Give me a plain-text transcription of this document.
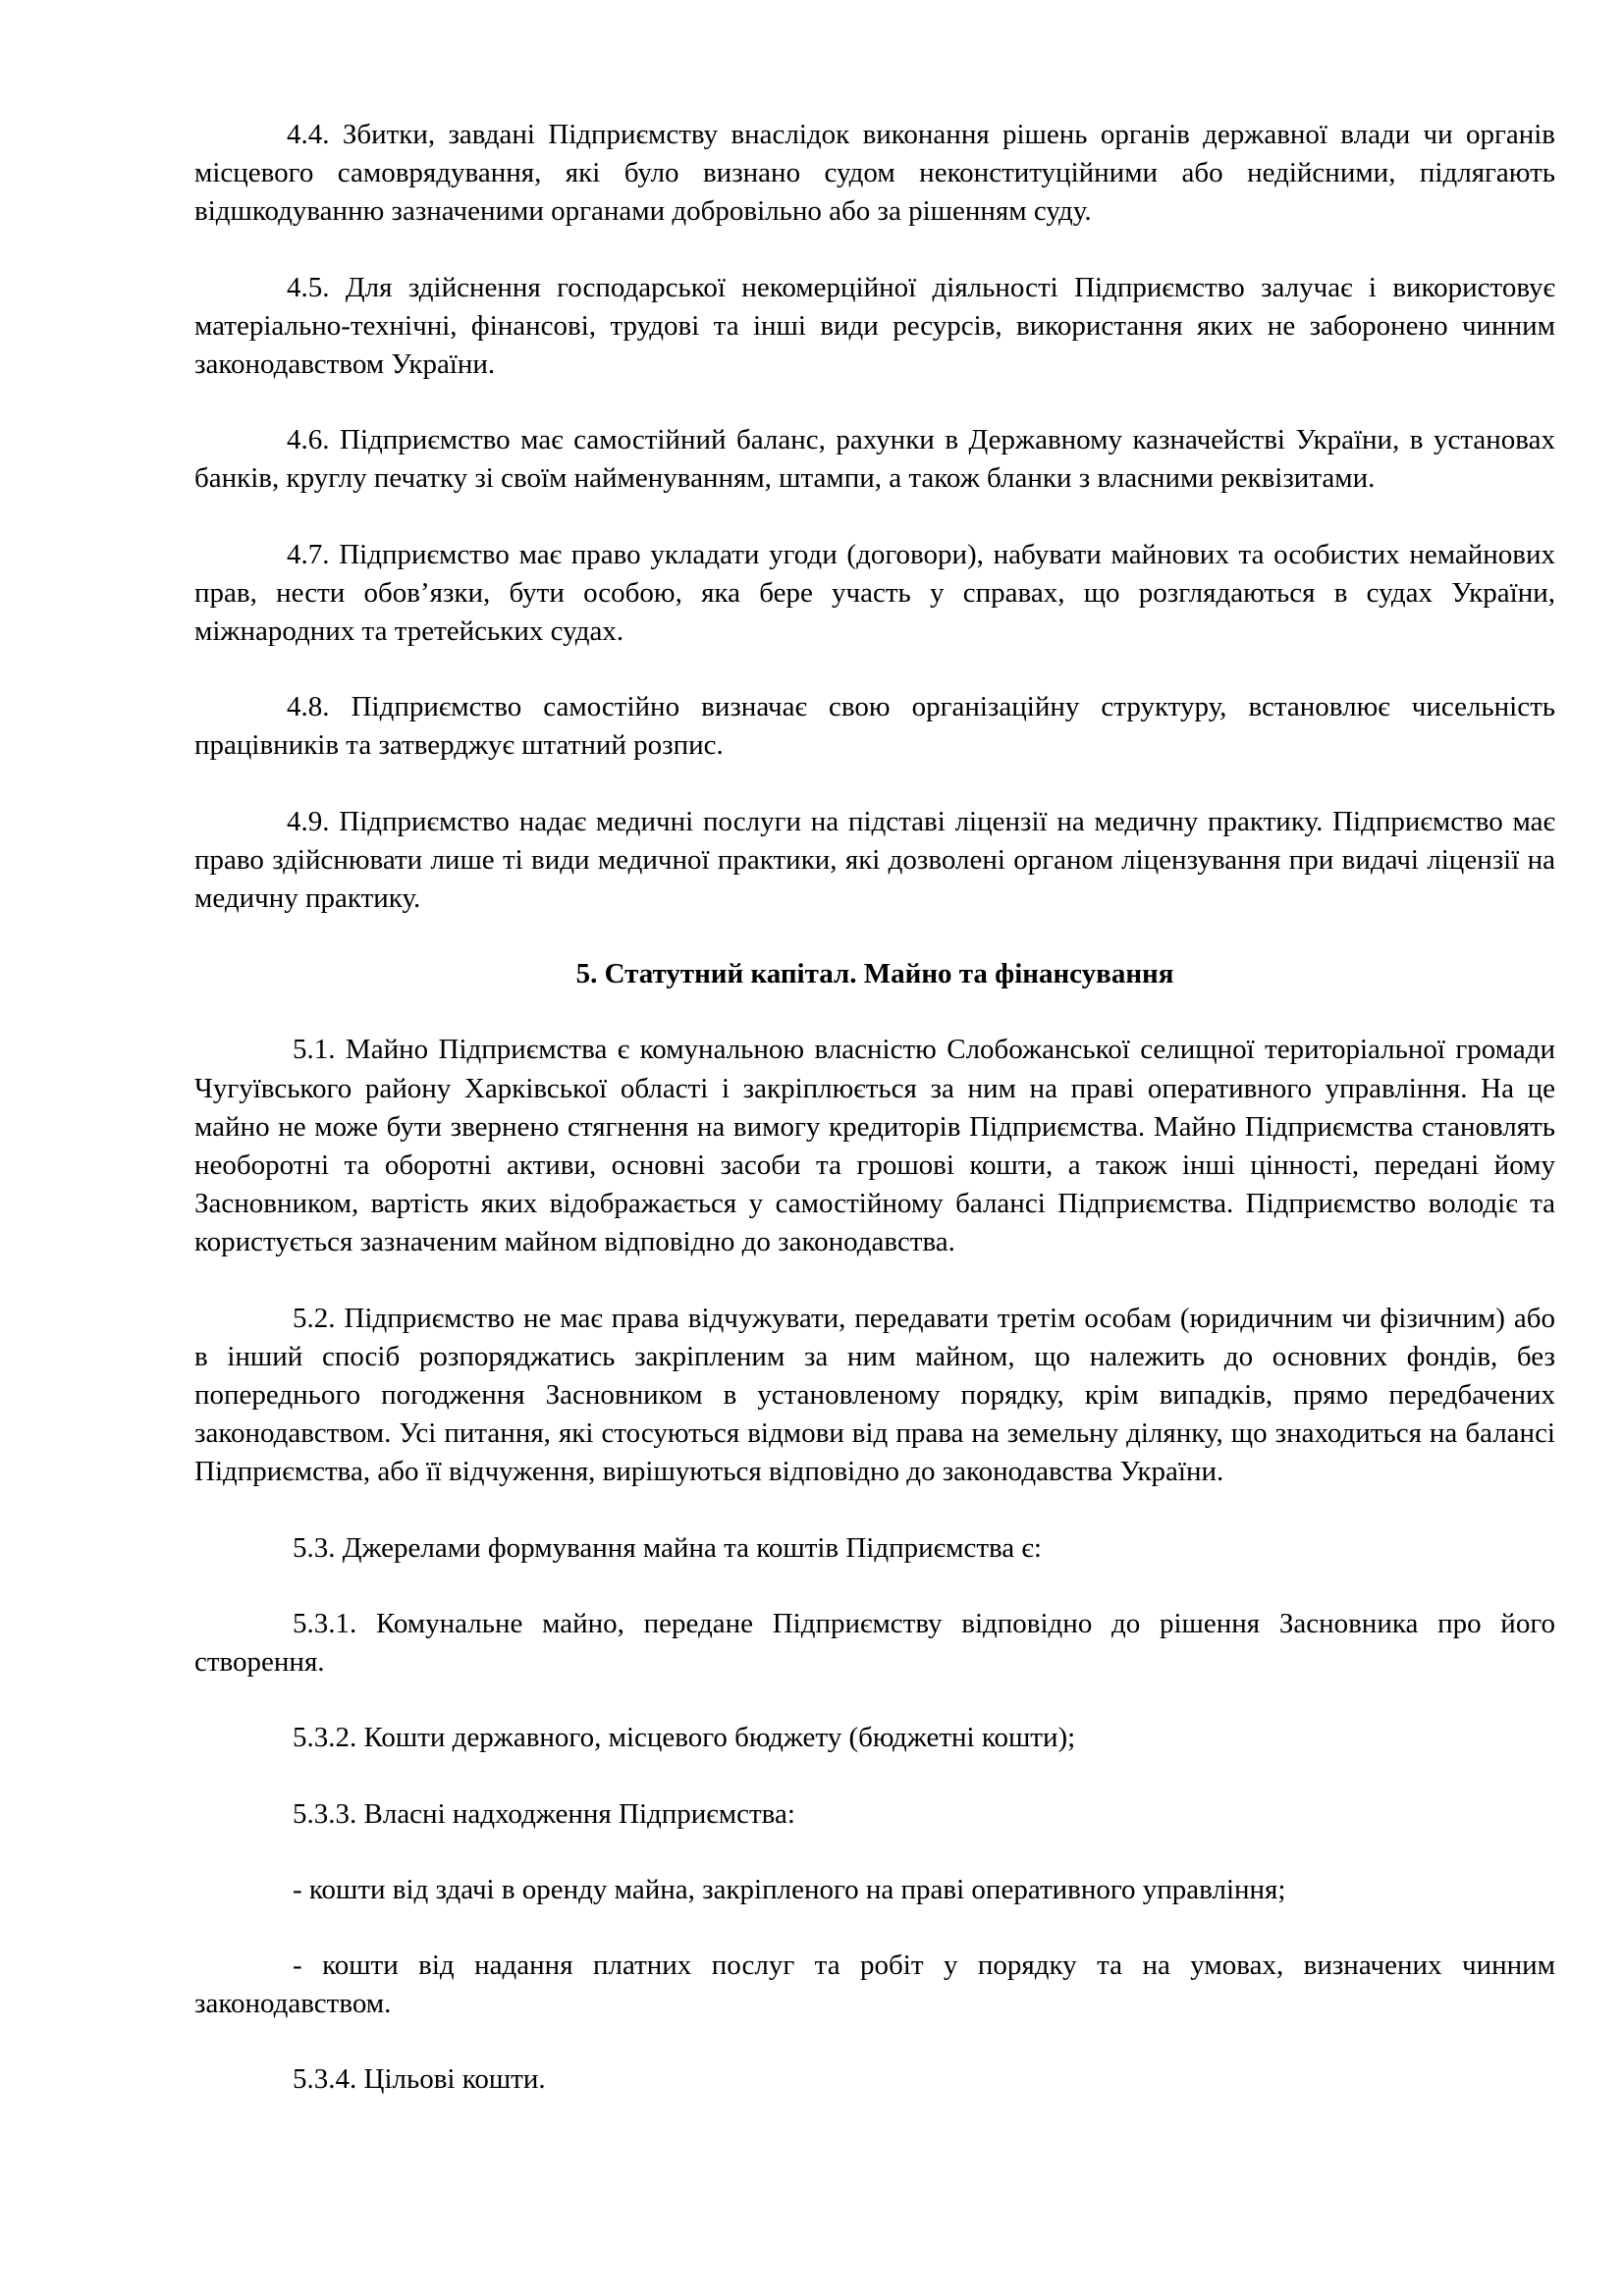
4.4. Збитки, завдані Підприємству внаслідок виконання рішень органів державної влади чи органів місцевого самоврядування, які було визнано судом неконституційними або недійсними, підлягають відшкодуванню зазначеними органами добровільно або за рішенням суду.

4.5. Для здійснення господарської некомерційної діяльності Підприємство залучає і використовує матеріально-технічні, фінансові, трудові та інші види ресурсів, використання яких не заборонено чинним законодавством України.

4.6. Підприємство має самостійний баланс, рахунки в Державному казначействі України, в установах банків, круглу печатку зі своїм найменуванням, штампи, а також бланки з власними реквізитами.

4.7. Підприємство має право укладати угоди (договори), набувати майнових та особистих немайнових прав, нести обов’язки, бути особою, яка бере участь у справах, що розглядаються в судах України, міжнародних та третейських судах.

4.8. Підприємство самостійно визначає свою організаційну структуру, встановлює чисельність працівників та затверджує штатний розпис.

4.9. Підприємство надає медичні послуги на підставі ліцензії на медичну практику. Підприємство має право здійснювати лише ті види медичної практики, які дозволені органом ліцензування при видачі ліцензії на медичну практику.

5. Статутний капітал. Майно та фінансування

5.1. Майно Підприємства є комунальною власністю Слобожанської селищної територіальної громади Чугуївського району Харківської області і закріплюється за ним на праві оперативного управління. На це майно не може бути звернено стягнення на вимогу кредиторів Підприємства. Майно Підприємства становлять необоротні та оборотні активи, основні засоби та грошові кошти, а також інші цінності, передані йому Засновником, вартість яких відображається у самостійному балансі Підприємства. Підприємство володіє та користується зазначеним майном відповідно до законодавства.

5.2. Підприємство не має права відчужувати, передавати третім особам (юридичним чи фізичним) або в інший спосіб розпоряджатись закріпленим за ним майном, що належить до основних фондів, без попереднього погодження Засновником в установленому порядку, крім випадків, прямо передбачених законодавством. Усі питання, які стосуються відмови від права на земельну ділянку, що знаходиться на балансі Підприємства, або її відчуження, вирішуються відповідно до законодавства України.

5.3. Джерелами формування майна та коштів Підприємства є:

5.3.1. Комунальне майно, передане Підприємству відповідно до рішення Засновника про його створення.

5.3.2. Кошти державного, місцевого бюджету (бюджетні кошти);

5.3.3. Власні надходження Підприємства:

- кошти від здачі в оренду майна, закріпленого на праві оперативного управління;

- кошти від надання платних послуг та робіт у порядку та на умовах, визначених чинним законодавством.

5.3.4. Цільові кошти.
